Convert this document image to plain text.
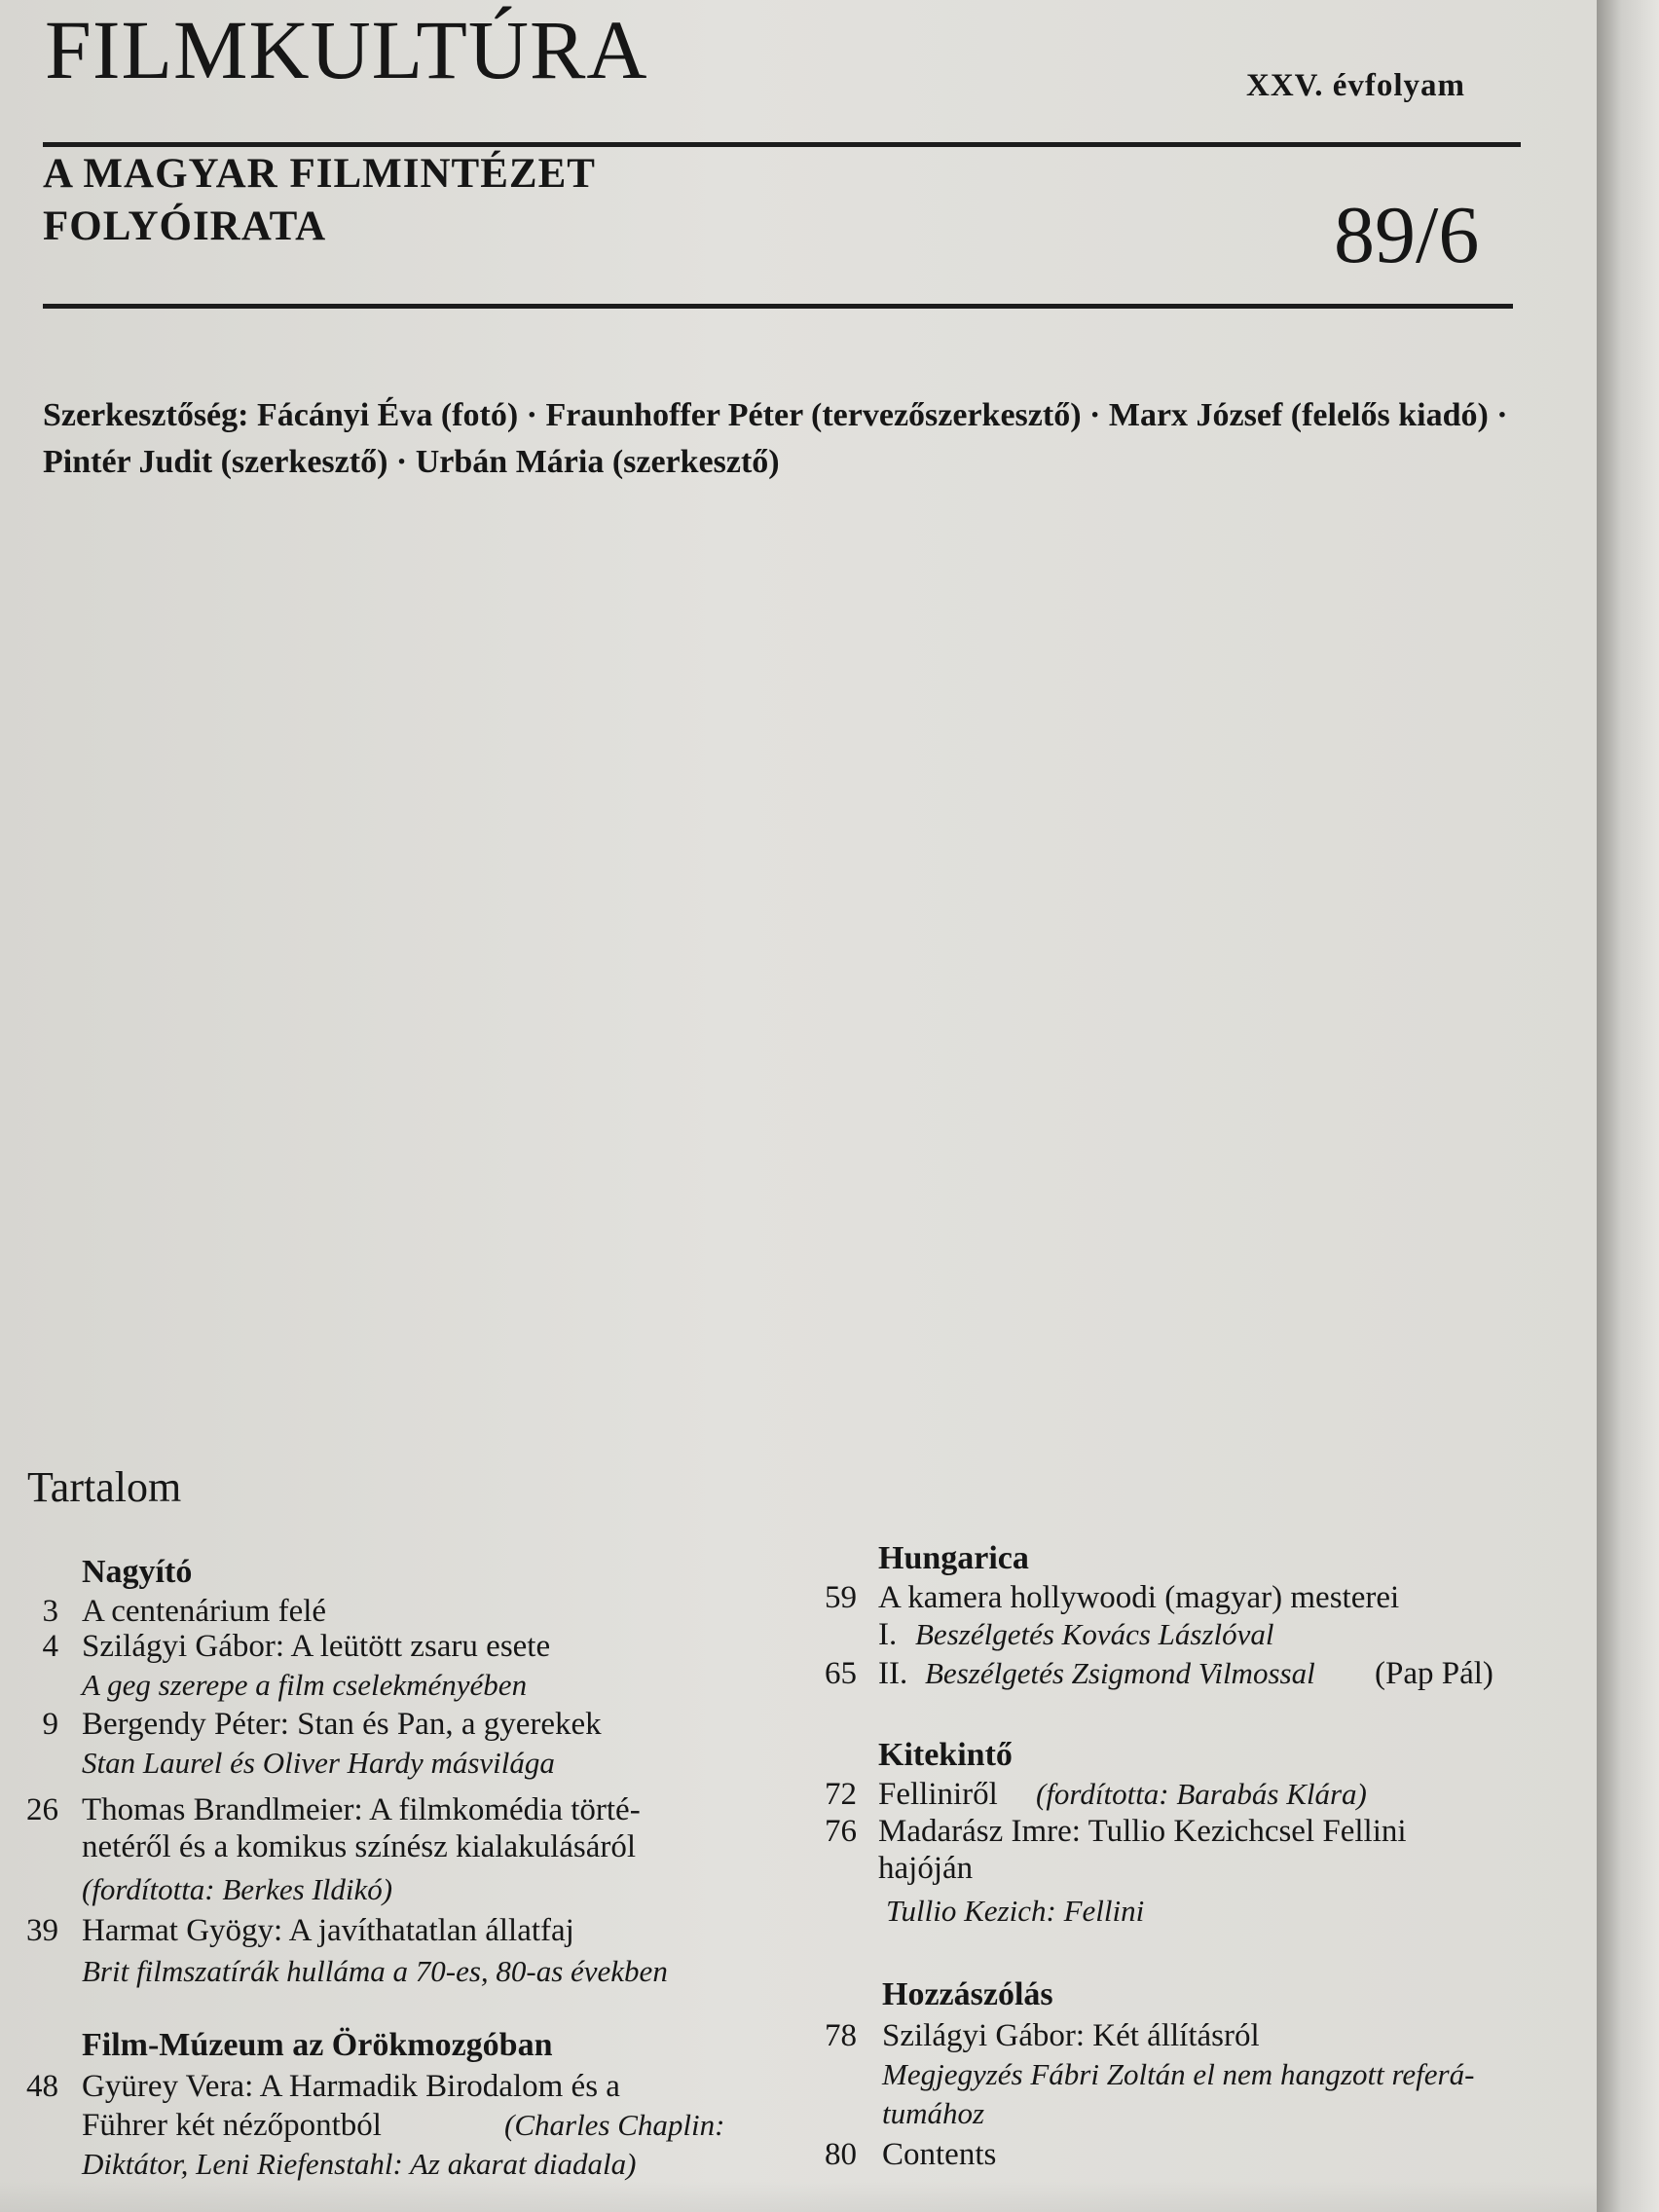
FILMKULTÚRA	XXV. évfolyam
A MAGYAR FILMINTÉZET
FOLYÓIRATA	89/6
Szerkesztőség: Fácányi Éva (fotó) · Fraunhoffer Péter (tervezőszerkesztő) · Marx József (felelős kiadó) · Pintér Judit (szerkesztő) · Urbán Mária (szerkesztő)
Tartalom
Nagyító
3 A centenárium felé
4 Szilágyi Gábor: A leütött zsaru esete
A geg szerepe a film cselekményében
9 Bergendy Péter: Stan és Pan, a gyerekek
Stan Laurel és Oliver Hardy másvilága
26 Thomas Brandlmeier: A filmkomédia törté-
netéről és a komikus színész kialakulásáról
(fordította: Berkes Ildikó)
39 Harmat Gyögy: A javíthatatlan állatfaj
Brit filmszatírák hulláma a 70-es, 80-as években
Film-Múzeum az Örökmozgóban
48 Gyürey Vera: A Harmadik Birodalom és a
Führer két nézőpontból	(Charles Chaplin:
Diktátor, Leni Riefenstahl: Az akarat diadala)
Hungarica
59 A kamera hollywoodi (magyar) mesterei
I. Beszélgetés Kovács Lászlóval
65 II. Beszélgetés Zsigmond Vilmossal (Pap Pál)
Kitekintő
72 Felliniről (fordította: Barabás Klára)
76 Madarász Imre: Tullio Kezichcsel Fellini
hajóján
Tullio Kezich: Fellini
Hozzászólás
78 Szilágyi Gábor: Két állításról
Megjegyzés Fábri Zoltán el nem hangzott referá-
tumához
80 Contents
